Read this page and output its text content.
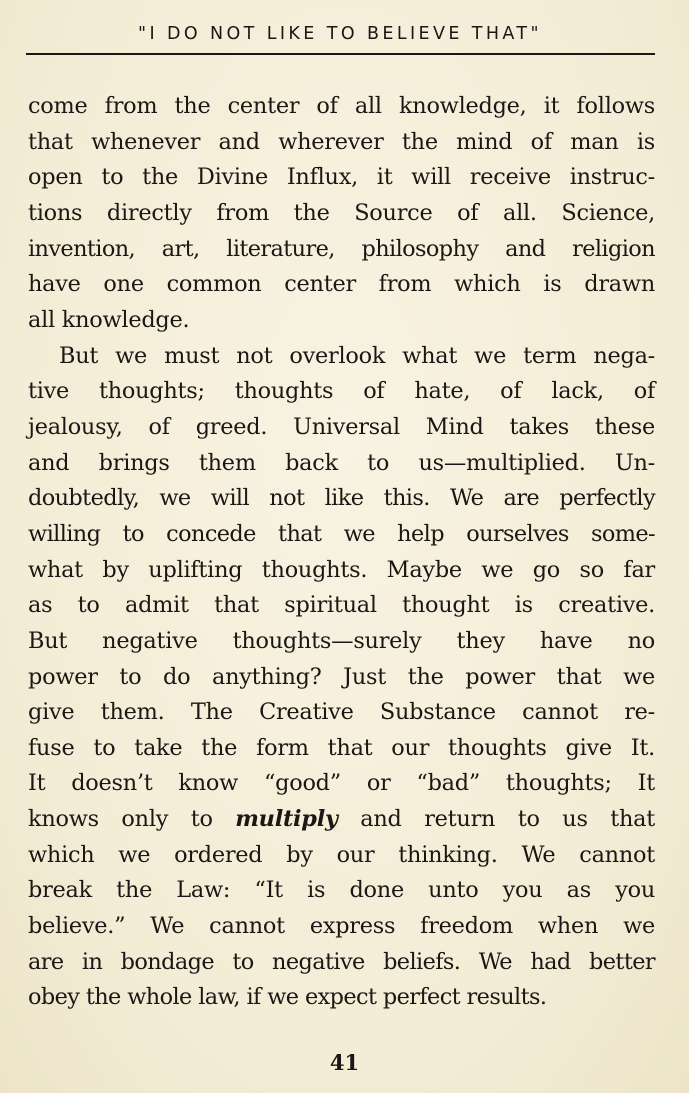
"I DO NOT LIKE TO BELIEVE THAT"

come from the center of all knowledge, it follows
that whenever and wherever the mind of man is
open to the Divine Influx, it will receive instruc-
tions directly from the Source of all. Science,
invention, art, literature, philosophy and religion
have one common center from which is drawn
all knowledge.

But we must not overlook what we term nega-
tive thoughts; thoughts of hate, of lack, of
jealousy, of greed. Universal Mind takes these
and brings them back to us—multiplied. Un-
doubtedly, we will not like this. We are perfectly
willing to concede that we help ourselves some-
what by uplifting thoughts. Maybe we go so far
as to admit that spiritual thought is creative.
But negative thoughts—surely they have no
power to do anything? Just the power that we
give them. The Creative Substance cannot re-
fuse to take the form that our thoughts give It.
It doesn’t know “good” or “bad” thoughts; It
knows only to multiply and return to us that
which we ordered by our thinking. We cannot
break the Law: “It is done unto you as you
believe.” We cannot express freedom when we
are in bondage to negative beliefs. We had better
obey the whole law, if we expect perfect results.

41
